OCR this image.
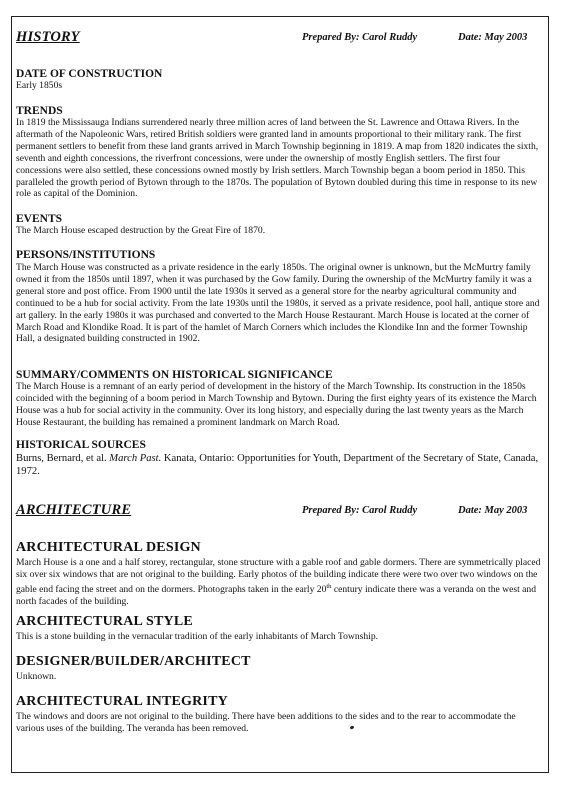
HISTORY	Prepared By: Carol Ruddy	Date: May 2003
DATE OF CONSTRUCTION
Early 1850s
TRENDS
In 1819 the Mississauga Indians surrendered nearly three million acres of land between the St. Lawrence and Ottawa Rivers. In the aftermath of the Napoleonic Wars, retired British soldiers were granted land in amounts proportional to their military rank. The first permanent settlers to benefit from these land grants arrived in March Township beginning in 1819. A map from 1820 indicates the sixth, seventh and eighth concessions, the riverfront concessions, were under the ownership of mostly English settlers. The first four concessions were also settled, these concessions owned mostly by Irish settlers. March Township began a boom period in 1850. This paralleled the growth period of Bytown through to the 1870s. The population of Bytown doubled during this time in response to its new role as capital of the Dominion.
EVENTS
The March House escaped destruction by the Great Fire of 1870.
PERSONS/INSTITUTIONS
The March House was constructed as a private residence in the early 1850s. The original owner is unknown, but the McMurtry family owned it from the 1850s until 1897, when it was purchased by the Gow family. During the ownership of the McMurtry family it was a general store and post office. From 1900 until the late 1930s it served as a general store for the nearby agricultural community and continued to be a hub for social activity. From the late 1930s until the 1980s, it served as a private residence, pool hall, antique store and art gallery. In the early 1980s it was purchased and converted to the March House Restaurant. March House is located at the corner of March Road and Klondike Road. It is part of the hamlet of March Corners which includes the Klondike Inn and the former Township Hall, a designated building constructed in 1902.
SUMMARY/COMMENTS ON HISTORICAL SIGNIFICANCE
The March House is a remnant of an early period of development in the history of the March Township. Its construction in the 1850s coincided with the beginning of a boom period in March Township and Bytown. During the first eighty years of its existence the March House was a hub for social activity in the community. Over its long history, and especially during the last twenty years as the March House Restaurant, the building has remained a prominent landmark on March Road.
HISTORICAL SOURCES
Burns, Bernard, et al. March Past. Kanata, Ontario: Opportunities for Youth, Department of the Secretary of State, Canada, 1972.
ARCHITECTURE	Prepared By: Carol Ruddy	Date: May 2003
ARCHITECTURAL DESIGN
March House is a one and a half storey, rectangular, stone structure with a gable roof and gable dormers. There are symmetrically placed six over six windows that are not original to the building. Early photos of the building indicate there were two over two windows on the gable end facing the street and on the dormers. Photographs taken in the early 20th century indicate there was a veranda on the west and north facades of the building.
ARCHITECTURAL STYLE
This is a stone building in the vernacular tradition of the early inhabitants of March Township.
DESIGNER/BUILDER/ARCHITECT
Unknown.
ARCHITECTURAL INTEGRITY
The windows and doors are not original to the building. There have been additions to the sides and to the rear to accommodate the various uses of the building. The veranda has been removed.
